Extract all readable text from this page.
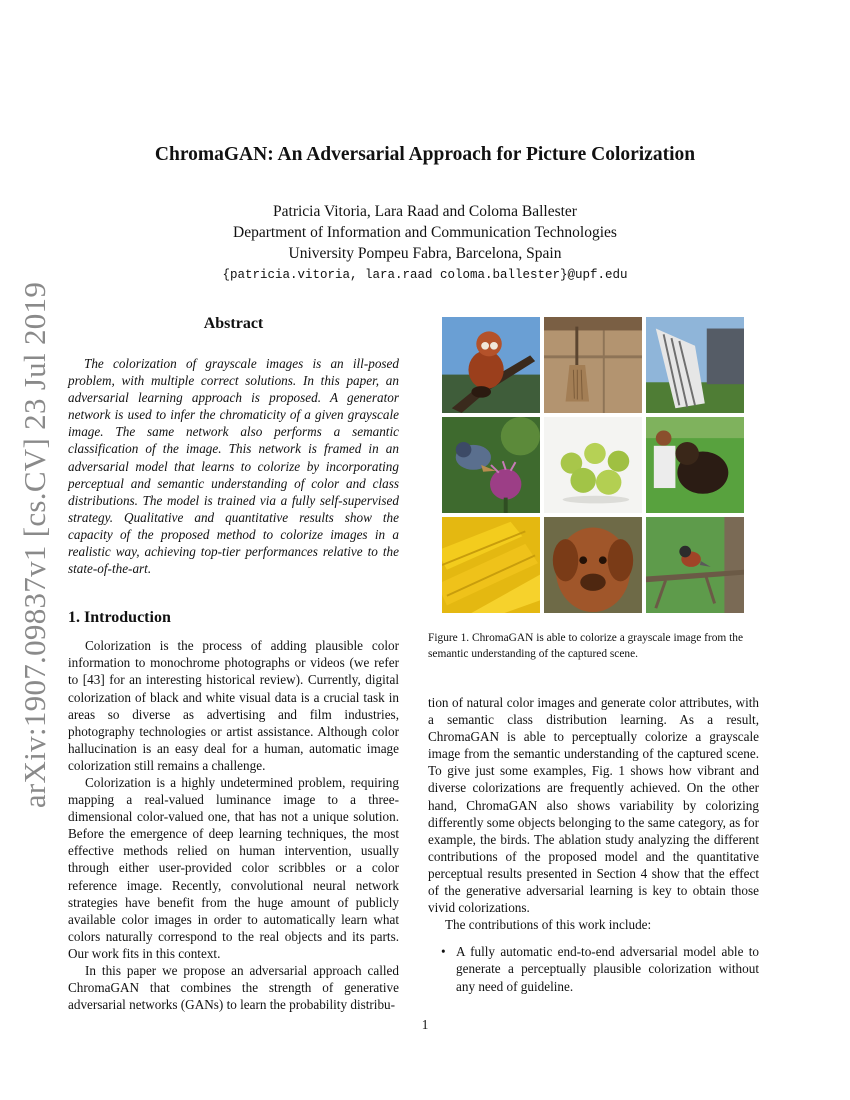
arXiv:1907.09837v1 [cs.CV] 23 Jul 2019
ChromaGAN: An Adversarial Approach for Picture Colorization
Patricia Vitoria, Lara Raad and Coloma Ballester
Department of Information and Communication Technologies
University Pompeu Fabra, Barcelona, Spain
{patricia.vitoria, lara.raad coloma.ballester}@upf.edu
Abstract

The colorization of grayscale images is an ill-posed problem, with multiple correct solutions. In this paper, an adversarial learning approach is proposed. A generator network is used to infer the chromaticity of a given grayscale image. The same network also performs a semantic classification of the image. This network is framed in an adversarial model that learns to colorize by incorporating perceptual and semantic understanding of color and class distributions. The model is trained via a fully self-supervised strategy. Qualitative and quantitative results show the capacity of the proposed method to colorize images in a realistic way, achieving top-tier performances relative to the state-of-the-art.

1. Introduction

Colorization is the process of adding plausible color information to monochrome photographs or videos (we refer to [43] for an interesting historical review). Currently, digital colorization of black and white visual data is a crucial task in areas so diverse as advertising and film industries, photography technologies or artist assistance. Although color hallucination is an easy deal for a human, automatic image colorization still remains a challenge.

Colorization is a highly undetermined problem, requiring mapping a real-valued luminance image to a three-dimensional color-valued one, that has not a unique solution. Before the emergence of deep learning techniques, the most effective methods relied on human intervention, usually through either user-provided color scribbles or a color reference image. Recently, convolutional neural network strategies have benefit from the huge amount of publicly available color images in order to automatically learn what colors naturally correspond to the real objects and its parts. Our work fits in this context.

In this paper we propose an adversarial approach called ChromaGAN that combines the strength of generative adversarial networks (GANs) to learn the probability distribu-

Figure 1. ChromaGAN is able to colorize a grayscale image from the semantic understanding of the captured scene.

tion of natural color images and generate color attributes, with a semantic class distribution learning. As a result, ChromaGAN is able to perceptually colorize a grayscale image from the semantic understanding of the captured scene. To give just some examples, Fig. 1 shows how vibrant and diverse colorizations are frequently achieved. On the other hand, ChromaGAN also shows variability by colorizing differently some objects belonging to the same category, as for example, the birds. The ablation study analyzing the different contributions of the proposed model and the quantitative perceptual results presented in Section 4 show that the effect of the generative adversarial learning is key to obtain those vivid colorizations.

The contributions of this work include:

• A fully automatic end-to-end adversarial model able to generate a perceptually plausible colorization without any need of guideline.
1
